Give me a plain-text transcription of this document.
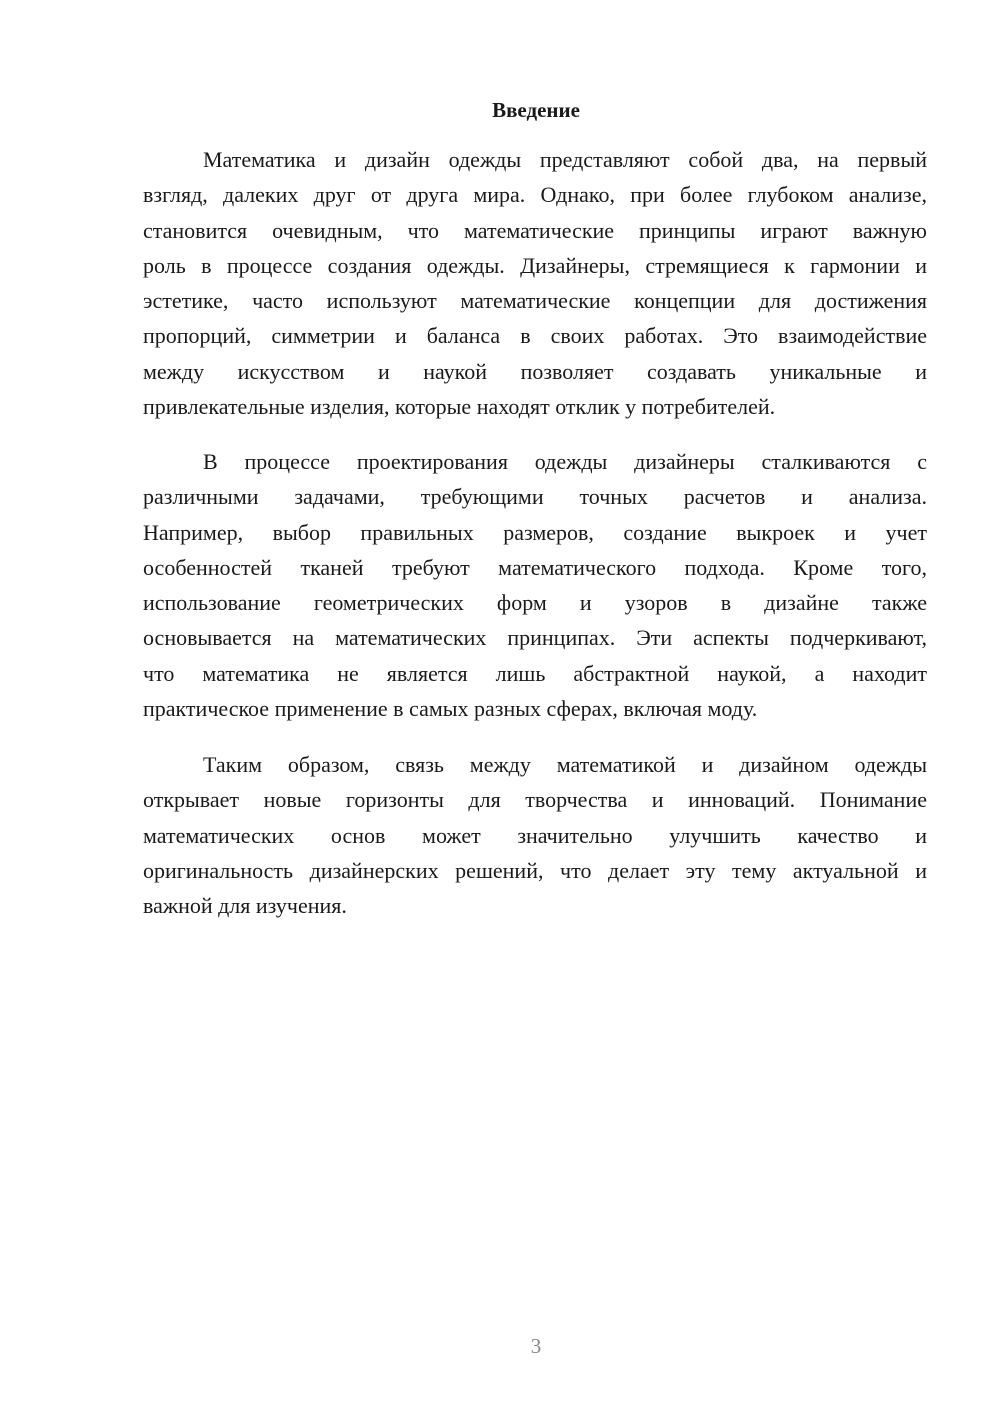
Введение
Математика и дизайн одежды представляют собой два, на первый
взгляд, далеких друг от друга мира. Однако, при более глубоком анализе,
становится очевидным, что математические принципы играют важную
роль в процессе создания одежды. Дизайнеры, стремящиеся к гармонии и
эстетике, часто используют математические концепции для достижения
пропорций, симметрии и баланса в своих работах. Это взаимодействие
между искусством и наукой позволяет создавать уникальные и
привлекательные изделия, которые находят отклик у потребителей.
В процессе проектирования одежды дизайнеры сталкиваются с
различными задачами, требующими точных расчетов и анализа.
Например, выбор правильных размеров, создание выкроек и учет
особенностей тканей требуют математического подхода. Кроме того,
использование геометрических форм и узоров в дизайне также
основывается на математических принципах. Эти аспекты подчеркивают,
что математика не является лишь абстрактной наукой, а находит
практическое применение в самых разных сферах, включая моду.
Таким образом, связь между математикой и дизайном одежды
открывает новые горизонты для творчества и инноваций. Понимание
математических основ может значительно улучшить качество и
оригинальность дизайнерских решений, что делает эту тему актуальной и
важной для изучения.
3
